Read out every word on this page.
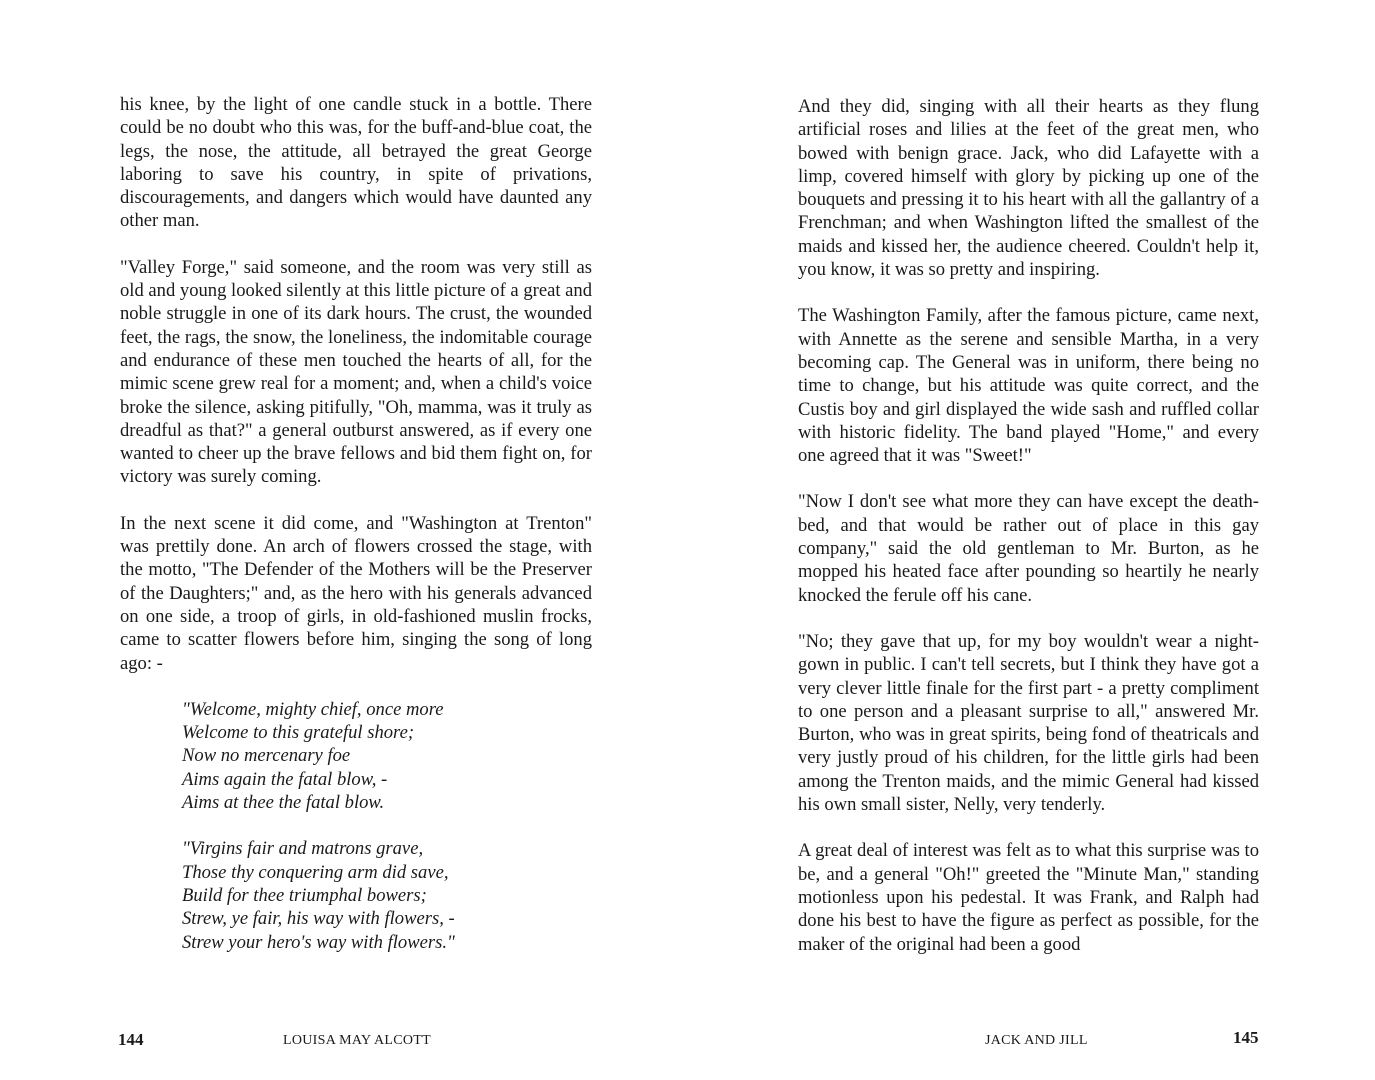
his knee, by the light of one candle stuck in a bottle. There could be no doubt who this was, for the buff-and-blue coat, the legs, the nose, the attitude, all betrayed the great George laboring to save his country, in spite of privations, discouragements, and dangers which would have daunted any other man.

"Valley Forge," said someone, and the room was very still as old and young looked silently at this little picture of a great and noble struggle in one of its dark hours. The crust, the wounded feet, the rags, the snow, the loneliness, the indomitable courage and endurance of these men touched the hearts of all, for the mimic scene grew real for a moment; and, when a child's voice broke the silence, asking pitifully, "Oh, mamma, was it truly as dreadful as that?" a general outburst answered, as if every one wanted to cheer up the brave fellows and bid them fight on, for victory was surely coming.

In the next scene it did come, and "Washington at Trenton" was prettily done. An arch of flowers crossed the stage, with the motto, "The Defender of the Mothers will be the Preserver of the Daughters;" and, as the hero with his generals advanced on one side, a troop of girls, in old-fashioned muslin frocks, came to scatter flowers before him, singing the song of long ago: -

"Welcome, mighty chief, once more
Welcome to this grateful shore;
Now no mercenary foe
Aims again the fatal blow, -
Aims at thee the fatal blow.
"Virgins fair and matrons grave,
Those thy conquering arm did save,
Build for thee triumphal bowers;
Strew, ye fair, his way with flowers, -
Strew your hero's way with flowers."
144	LOUISA MAY ALCOTT

And they did, singing with all their hearts as they flung artificial roses and lilies at the feet of the great men, who bowed with benign grace. Jack, who did Lafayette with a limp, covered himself with glory by picking up one of the bouquets and pressing it to his heart with all the gallantry of a Frenchman; and when Washington lifted the smallest of the maids and kissed her, the audience cheered. Couldn't help it, you know, it was so pretty and inspiring.

The Washington Family, after the famous picture, came next, with Annette as the serene and sensible Martha, in a very becoming cap. The General was in uniform, there being no time to change, but his attitude was quite correct, and the Custis boy and girl displayed the wide sash and ruffled collar with historic fidelity. The band played "Home," and every one agreed that it was "Sweet!"

"Now I don't see what more they can have except the death-bed, and that would be rather out of place in this gay company," said the old gentleman to Mr. Burton, as he mopped his heated face after pounding so heartily he nearly knocked the ferule off his cane.

"No; they gave that up, for my boy wouldn't wear a night-gown in public. I can't tell secrets, but I think they have got a very clever little finale for the first part - a pretty compliment to one person and a pleasant surprise to all," answered Mr. Burton, who was in great spirits, being fond of theatricals and very justly proud of his children, for the little girls had been among the Trenton maids, and the mimic General had kissed his own small sister, Nelly, very tenderly.

A great deal of interest was felt as to what this surprise was to be, and a general "Oh!" greeted the "Minute Man," standing motionless upon his pedestal. It was Frank, and Ralph had done his best to have the figure as perfect as possible, for the maker of the original had been a good

JACK AND JILL	145
